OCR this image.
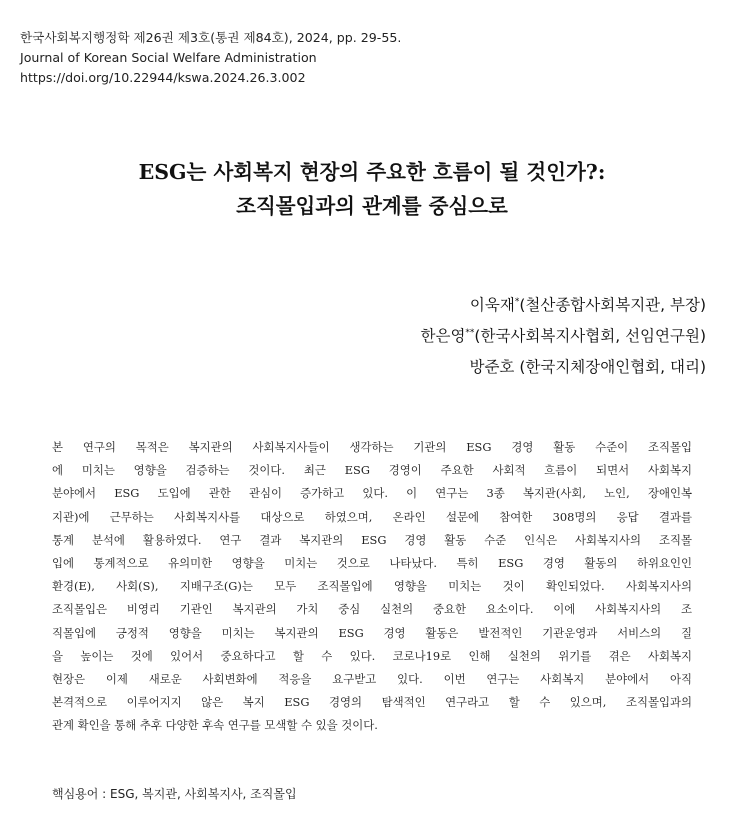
한국사회복지행정학 제26권 제3호(통권 제84호), 2024, pp. 29-55.
Journal of Korean Social Welfare Administration
https://doi.org/10.22944/kswa.2024.26.3.002
ESG는 사회복지 현장의 주요한 흐름이 될 것인가?:
조직몰입과의 관계를 중심으로
이욱재*(철산종합사회복지관, 부장)
한은영**(한국사회복지사협회, 선임연구원)
방준호 (한국지체장애인협회, 대리)
본 연구의 목적은 복지관의 사회복지사들이 생각하는 기관의 ESG 경영 활동 수준이 조직몰입
에 미치는 영향을 검증하는 것이다. 최근 ESG 경영이 주요한 사회적 흐름이 되면서 사회복지
분야에서 ESG 도입에 관한 관심이 증가하고 있다. 이 연구는 3종 복지관(사회, 노인, 장애인복
지관)에 근무하는 사회복지사를 대상으로 하였으며, 온라인 설문에 참여한 308명의 응답 결과를
통계 분석에 활용하였다. 연구 결과 복지관의 ESG 경영 활동 수준 인식은 사회복지사의 조직몰
입에 통계적으로 유의미한 영향을 미치는 것으로 나타났다. 특히 ESG 경영 활동의 하위요인인
환경(E), 사회(S), 지배구조(G)는 모두 조직몰입에 영향을 미치는 것이 확인되었다. 사회복지사의
조직몰입은 비영리 기관인 복지관의 가치 중심 실천의 중요한 요소이다. 이에 사회복지사의 조
직몰입에 긍정적 영향을 미치는 복지관의 ESG 경영 활동은 발전적인 기관운영과 서비스의 질
을 높이는 것에 있어서 중요하다고 할 수 있다. 코로나19로 인해 실천의 위기를 겪은 사회복지
현장은 이제 새로운 사회변화에 적응을 요구받고 있다. 이번 연구는 사회복지 분야에서 아직
본격적으로 이루어지지 않은 복지 ESG 경영의 탐색적인 연구라고 할 수 있으며, 조직몰입과의
관계 확인을 통해 추후 다양한 후속 연구를 모색할 수 있을 것이다.
핵심용어 : ESG, 복지관, 사회복지사, 조직몰입
